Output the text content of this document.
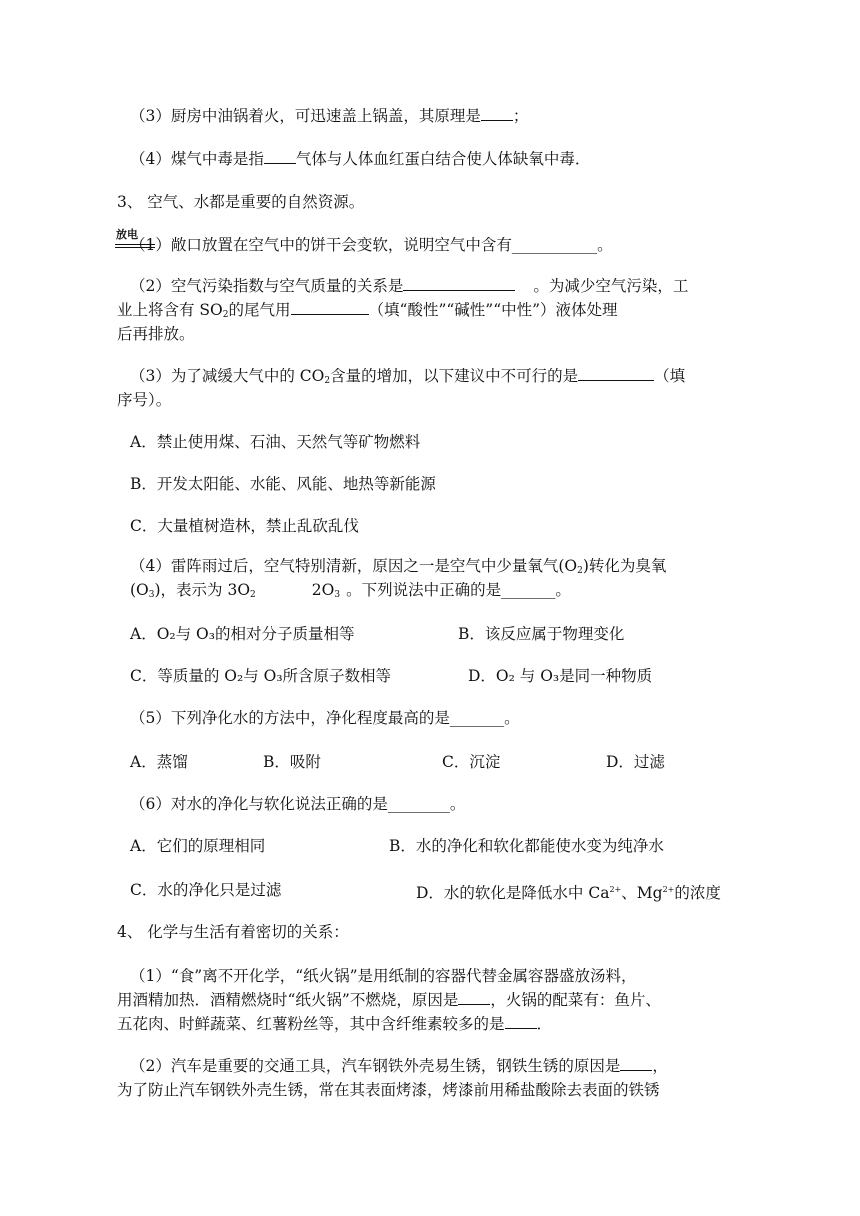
（3）厨房中油锅着火，可迅速盖上锅盖，其原理是 ；
（4）煤气中毒是指 气体与人体血红蛋白结合使人体缺氧中毒．
3、 空气、水都是重要的自然资源。
放电
（1）敞口放置在空气中的饼干会变软，说明空气中含有___________。
（2）空气污染指数与空气质量的关系是	。为减少空气污染，工
业上将含有 $SO_2$的尾气用	（填“酸性”“碱性”“中性”）液体处理
后再排放。
（3）为了减缓大气中的 $CO_2$含量的增加，以下建议中不可行的是	（填
序号）。
A．禁止使用煤、石油、天然气等矿物燃料
B．开发太阳能、水能、风能、地热等新能源
C．大量植树造林，禁止乱砍乱伐
（4）雷阵雨过后，空气特别清新，原因之一是空气中少量氧气$(O_2)$转化为臭氧
$(O_3)$，表示为 $3O_2$	$2O_3$ 。下列说法中正确的是_______。
A．O₂与 O₃的相对分子质量相等	B．该反应属于物理变化
C．等质量的 O₂与 O₃所含原子数相等	D．O₂ 与 O₃是同一种物质
（5）下列净化水的方法中，净化程度最高的是_______。
A．蒸馏	B．吸附	C．沉淀	D．过滤
（6）对水的净化与软化说法正确的是________。
A．它们的原理相同	B．水的净化和软化都能使水变为纯净水
C．水的净化只是过滤	D．水的软化是降低水中 $Ca^{2+}$、$Mg^{2+}$的浓度
4、 化学与生活有着密切的关系：
（1）“食”离不开化学，“纸火锅”是用纸制的容器代替金属容器盛放汤料，
用酒精加热．酒精燃烧时“纸火锅”不燃烧，原因是 ，火锅的配菜有：鱼片、
五花肉、时鲜蔬菜、红薯粉丝等，其中含纤维素较多的是 ．
（2）汽车是重要的交通工具，汽车钢铁外壳易生锈，钢铁生锈的原因是 ，
为了防止汽车钢铁外壳生锈，常在其表面烤漆，烤漆前用稀盐酸除去表面的铁锈
